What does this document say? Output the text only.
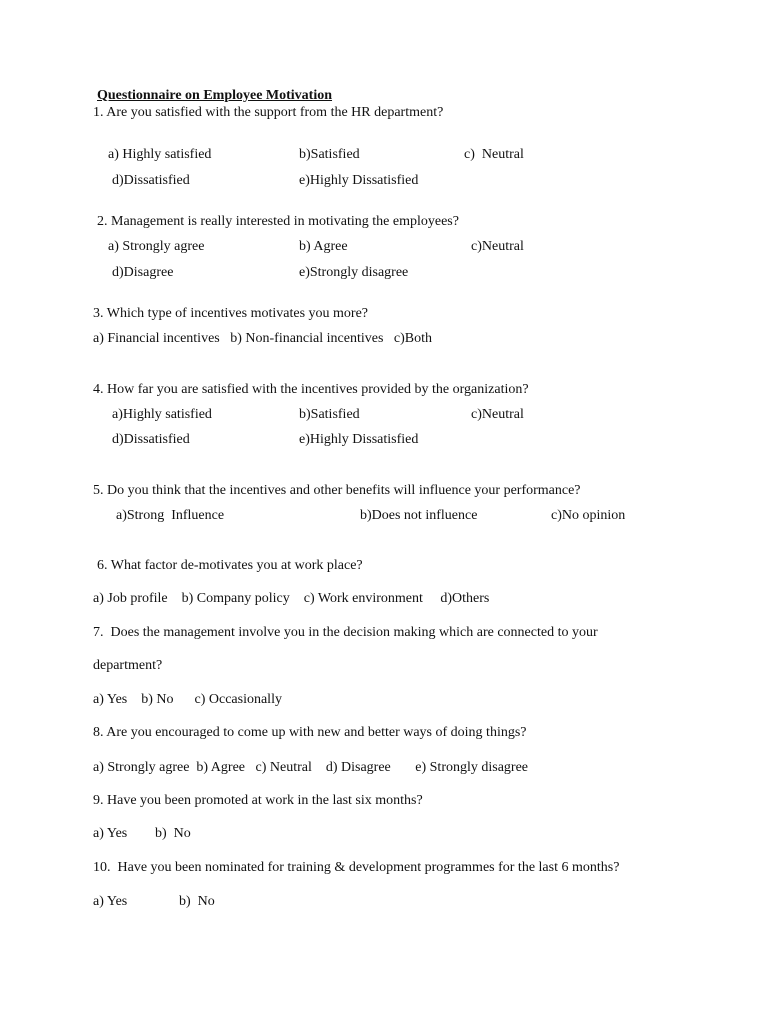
Questionnaire on Employee Motivation
1. Are you satisfied with the support from the HR department?
a) Highly satisfied	b)Satisfied	c)  Neutral
d)Dissatisfied	e)Highly Dissatisfied
2. Management is really interested in motivating the employees?
a) Strongly agree	b) Agree	c)Neutral
d)Disagree	e)Strongly disagree
3. Which type of incentives motivates you more?
a) Financial incentives   b) Non-financial incentives   c)Both
4. How far you are satisfied with the incentives provided by the organization?
a)Highly satisfied	b)Satisfied	c)Neutral
d)Dissatisfied	e)Highly Dissatisfied
5. Do you think that the incentives and other benefits will influence your performance?
a)Strong  Influence	b)Does not influence	c)No opinion
6. What factor de-motivates you at work place?
a) Job profile    b) Company policy    c) Work environment     d)Others
7.  Does the management involve you in the decision making which are connected to your
department?
a) Yes    b) No      c) Occasionally
8. Are you encouraged to come up with new and better ways of doing things?
a) Strongly agree  b) Agree   c) Neutral    d) Disagree       e) Strongly disagree
9. Have you been promoted at work in the last six months?
a) Yes b)  No
10.  Have you been nominated for training & development programmes for the last 6 months?
a) Yes	b)  No
